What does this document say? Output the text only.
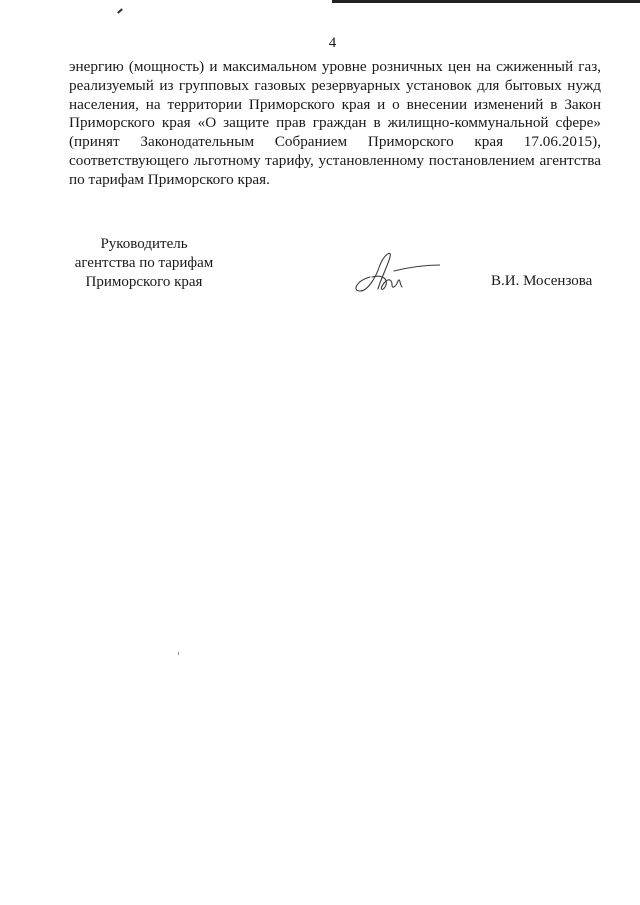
4
энергию (мощность) и максимальном уровне розничных цен на сжиженный газ,
реализуемый из групповых газовых резервуарных установок для бытовых нужд
населения, на территории Приморского края и о внесении изменений в Закон
Приморского края «О защите прав граждан в жилищно-коммунальной сфере»
(принят Законодательным Собранием Приморского края 17.06.2015),
соответствующего льготному тарифу, установленному постановлением агентства
по тарифам Приморского края.
Руководитель
агентства по тарифам
Приморского края	В.И. Мосензова
